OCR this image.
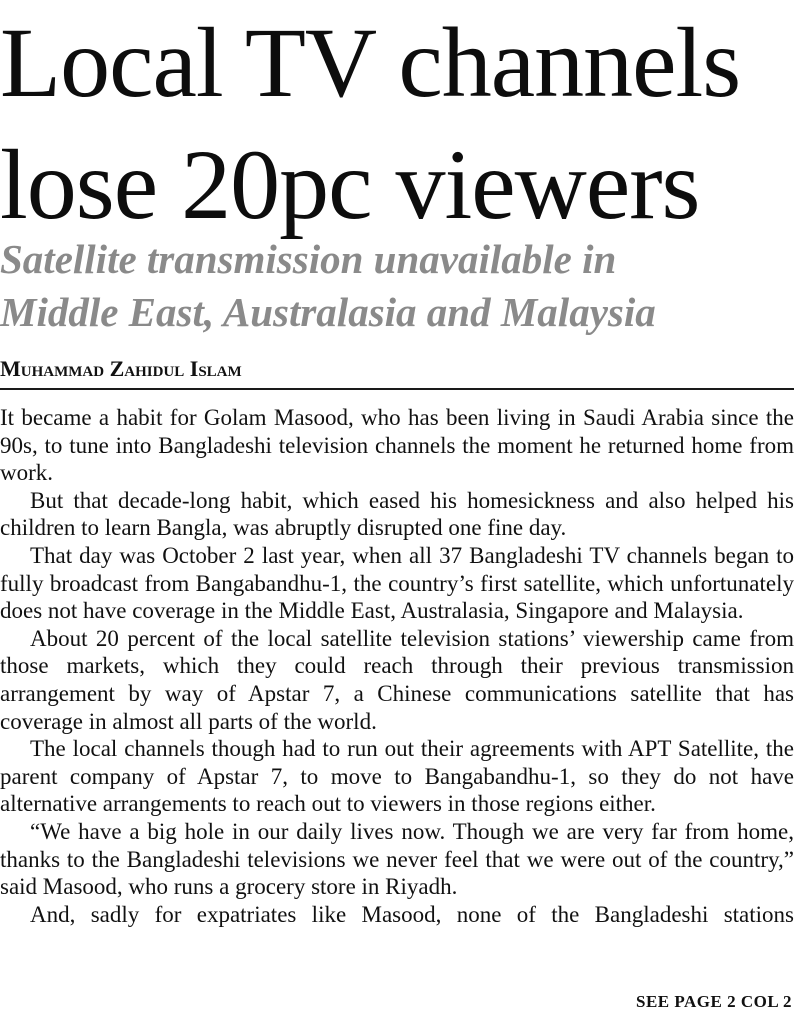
Local TV channels
lose 20pc viewers
Satellite transmission unavailable in
Middle East, Australasia and Malaysia
Muhammad Zahidul Islam

It became a habit for Golam Masood, who has been living in Saudi Arabia since the 90s, to tune into Bangladeshi television channels the moment he returned home from work.

But that decade-long habit, which eased his homesickness and also helped his children to learn Bangla, was abruptly disrupted one fine day.

That day was October 2 last year, when all 37 Bangladeshi TV channels began to fully broadcast from Bangabandhu-1, the country’s first satellite, which unfortunately does not have coverage in the Middle East, Australasia, Singapore and Malaysia.

About 20 percent of the local satellite television stations’ viewership came from those markets, which they could reach through their previous transmission arrangement by way of Apstar 7, a Chinese communications satellite that has coverage in almost all parts of the world.

The local channels though had to run out their agreements with APT Satellite, the parent company of Apstar 7, to move to Bangabandhu-1, so they do not have alternative arrangements to reach out to viewers in those regions either.

“We have a big hole in our daily lives now. Though we are very far from home, thanks to the Bangladeshi televisions we never feel that we were out of the country,” said Masood, who runs a grocery store in Riyadh.

And, sadly for expatriates like Masood, none of the Bangladeshi stations

SEE PAGE 2 COL 2
